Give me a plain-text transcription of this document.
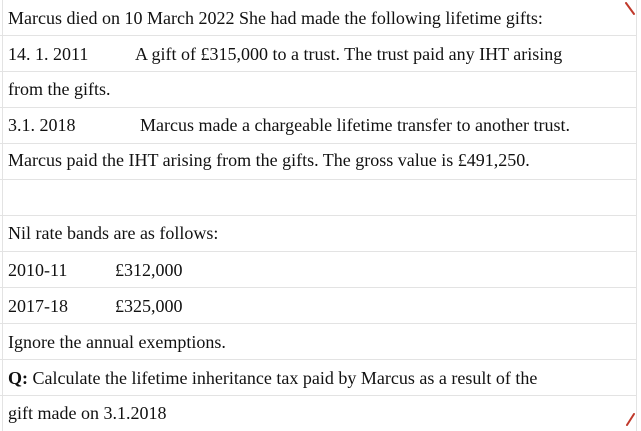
Marcus died on 10 March 2022 She had made the following lifetime gifts:
14. 1. 2011	A gift of £315,000 to a trust. The trust paid any IHT arising
from the gifts.
3.1. 2018	Marcus made a chargeable lifetime transfer to another trust.
Marcus paid the IHT arising from the gifts. The gross value is £491,250.
Nil rate bands are as follows:
2010-11	£312,000
2017-18	£325,000
Ignore the annual exemptions.
Q: Calculate the lifetime inheritance tax paid by Marcus as a result of the
gift made on 3.1.2018
